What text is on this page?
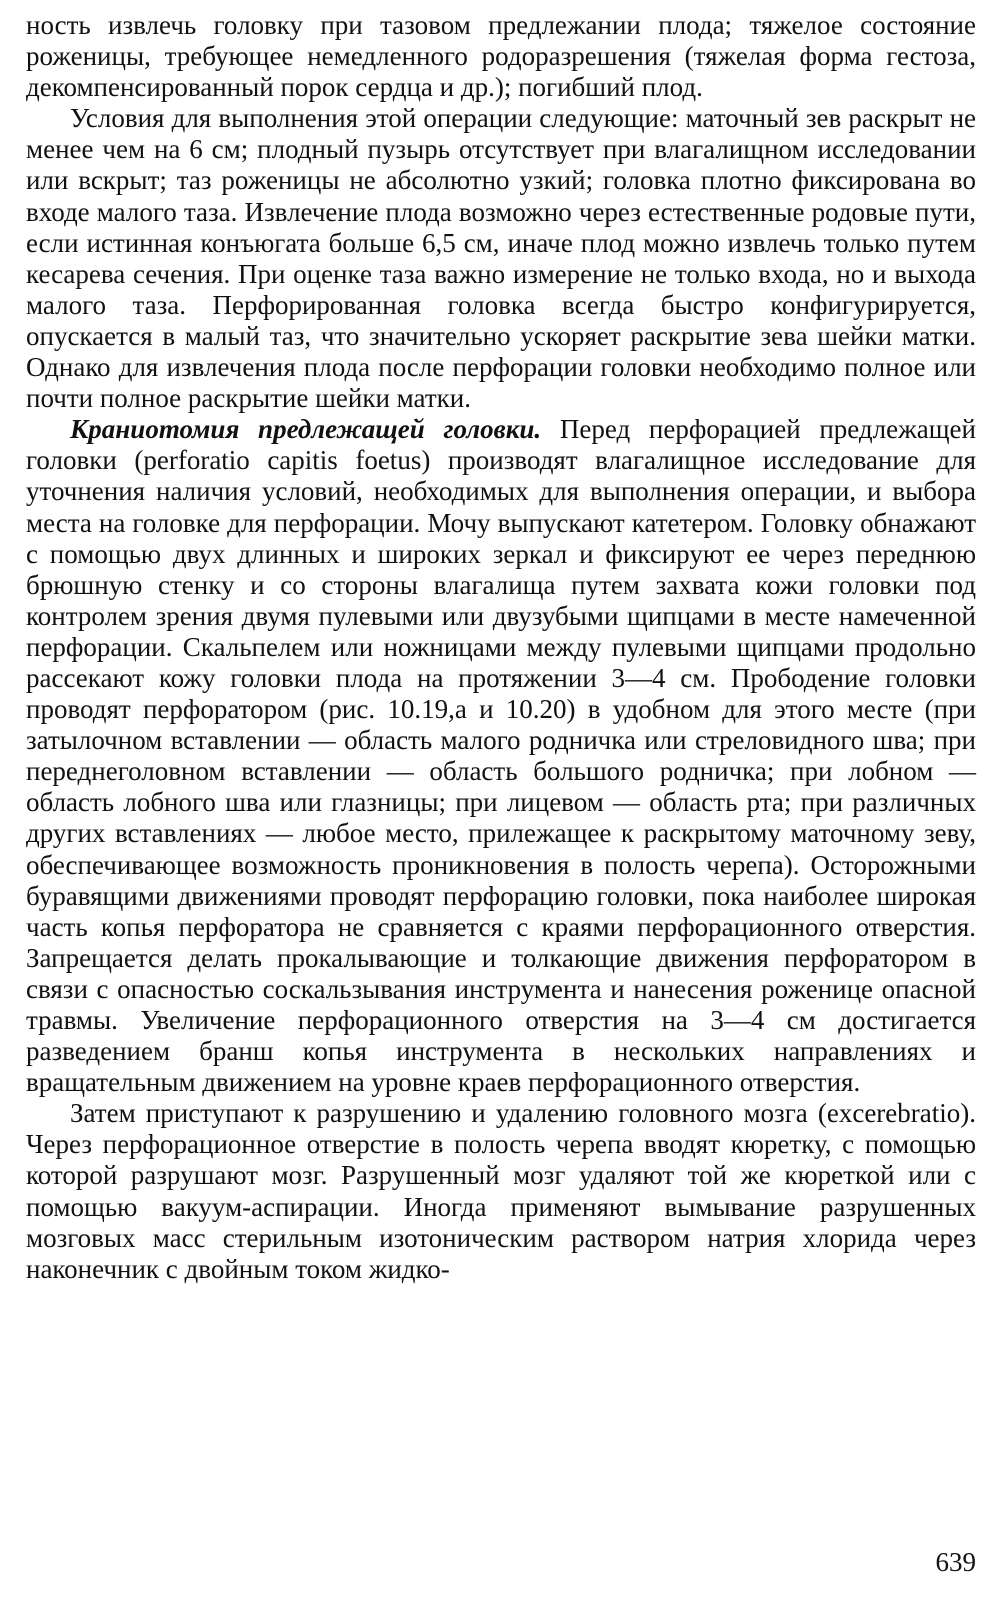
ность извлечь головку при тазовом предлежании плода; тяжелое состояние роженицы, требующее немедленного родоразрешения (тяжелая форма гестоза, декомпенсированный порок сердца и др.); погибший плод.

Условия для выполнения этой операции следующие: маточный зев раскрыт не менее чем на 6 см; плодный пузырь отсутствует при влагалищном исследовании или вскрыт; таз роженицы не абсолютно узкий; головка плотно фиксирована во входе малого таза. Извлечение плода возможно через естественные родовые пути, если истинная конъюгата больше 6,5 см, иначе плод можно извлечь только путем кесарева сечения. При оценке таза важно измерение не только входа, но и выхода малого таза. Перфорированная головка всегда быстро конфигурируется, опускается в малый таз, что значительно ускоряет раскрытие зева шейки матки. Однако для извлечения плода после перфорации головки необходимо полное или почти полное раскрытие шейки матки.

Краниотомия предлежащей головки. Перед перфорацией предлежащей головки (perforatio capitis foetus) производят влагалищное исследование для уточнения наличия условий, необходимых для выполнения операции, и выбора места на головке для перфорации. Мочу выпускают катетером. Головку обнажают с помощью двух длинных и широких зеркал и фиксируют ее через переднюю брюшную стенку и со стороны влагалища путем захвата кожи головки под контролем зрения двумя пулевыми или двузубыми щипцами в месте намеченной перфорации. Скальпелем или ножницами между пулевыми щипцами продольно рассекают кожу головки плода на протяжении 3—4 см. Прободение головки проводят перфоратором (рис. 10.19,а и 10.20) в удобном для этого месте (при затылочном вставлении — область малого родничка или стреловидного шва; при переднеголовном вставлении — область большого родничка; при лобном — область лобного шва или глазницы; при лицевом — область рта; при различных других вставлениях — любое место, прилежащее к раскрытому маточному зеву, обеспечивающее возможность проникновения в полость черепа). Осторожными буравящими движениями проводят перфорацию головки, пока наиболее широкая часть копья перфоратора не сравняется с краями перфорационного отверстия. Запрещается делать прокалывающие и толкающие движения перфоратором в связи с опасностью соскальзывания инструмента и нанесения роженице опасной травмы. Увеличение перфорационного отверстия на 3—4 см достигается разведением бранш копья инструмента в нескольких направлениях и вращательным движением на уровне краев перфорационного отверстия.

Затем приступают к разрушению и удалению головного мозга (excerebratio). Через перфорационное отверстие в полость черепа вводят кюретку, с помощью которой разрушают мозг. Разрушенный мозг удаляют той же кюреткой или с помощью вакуум-аспирации. Иногда применяют вымывание разрушенных мозговых масс стерильным изотоническим раствором натрия хлорида через наконечник с двойным током жидко-

639
